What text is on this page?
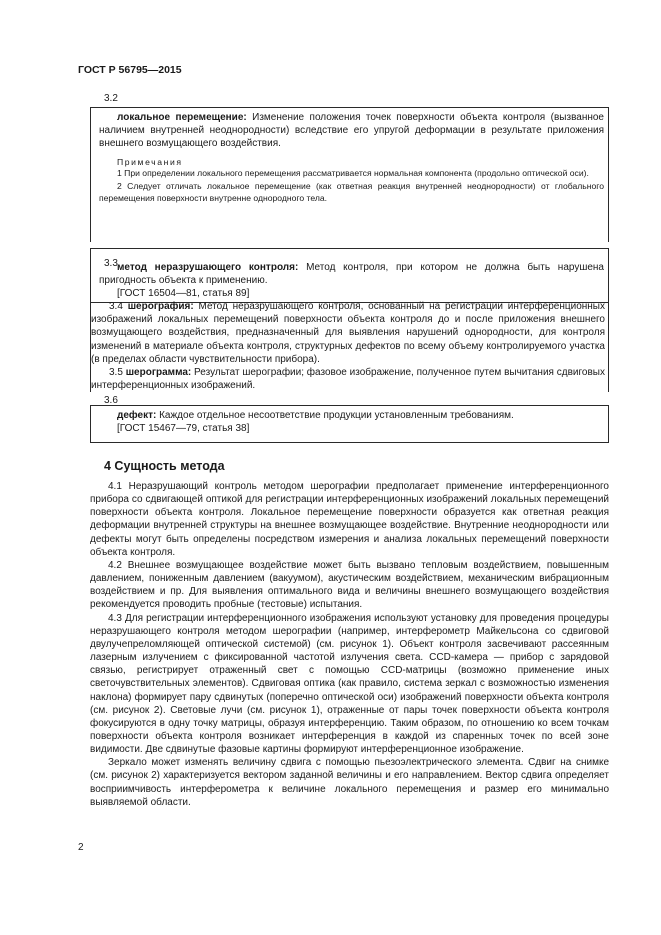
ГОСТ Р 56795—2015
3.2
локальное перемещение: Изменение положения точек поверхности объекта контроля (вызванное наличием внутренней неоднородности) вследствие его упругой деформации в результате приложения внешнего возмущающего воздействия.
Примечания
1 При определении локального перемещения рассматривается нормальная компонента (продольно оптической оси).
2 Следует отличать локальное перемещение (как ответная реакция внутренней неоднородности) от глобального перемещения поверхности внутренне однородного тела.
3.3 метод неразрушающего контроля: Метод контроля, при котором не должна быть нарушена пригодность объекта к применению.
[ГОСТ 16504—81, статья 89]
3.4 шерография: Метод неразрушающего контроля, основанный на регистрации интерференционных изображений локальных перемещений поверхности объекта контроля до и после приложения внешнего возмущающего воздействия, предназначенный для выявления нарушений однородности, для контроля изменений в материале объекта контроля, структурных дефектов по всему объему контролируемого участка (в пределах области чувствительности прибора).
3.5 шерограмма: Результат шерографии; фазовое изображение, полученное путем вычитания сдвиговых интерференционных изображений.
3.6
дефект: Каждое отдельное несоответствие продукции установленным требованиям.
[ГОСТ 15467—79, статья 38]
4 Сущность метода

4.1 Неразрушающий контроль методом шерографии предполагает применение интерференционного прибора со сдвигающей оптикой для регистрации интерференционных изображений локальных перемещений поверхности объекта контроля. Локальное перемещение поверхности образуется как ответная реакция деформации внутренней структуры на внешнее возмущающее воздействие. Внутренние неоднородности или дефекты могут быть определены посредством измерения и анализа локальных перемещений поверхности объекта контроля.

4.2 Внешнее возмущающее воздействие может быть вызвано тепловым воздействием, повышенным давлением, пониженным давлением (вакуумом), акустическим воздействием, механическим вибрационным воздействием и пр. Для выявления оптимального вида и величины внешнего возмущающего воздействия рекомендуется проводить пробные (тестовые) испытания.

4.3 Для регистрации интерференционного изображения используют установку для проведения процедуры неразрушающего контроля методом шерографии (например, интерферометр Майкельсона со сдвиговой двулучепреломляющей оптической системой) (см. рисунок 1). Объект контроля засвечивают рассеянным лазерным излучением с фиксированной частотой излучения света. CCD-камера — прибор с зарядовой связью, регистрирует отраженный свет с помощью CCD-матрицы (возможно применение иных светочувствительных элементов). Сдвиговая оптика (как правило, система зеркал с возможностью изменения наклона) формирует пару сдвинутых (поперечно оптической оси) изображений поверхности объекта контроля (см. рисунок 2). Световые лучи (см. рисунок 1), отраженные от пары точек поверхности объекта контроля фокусируются в одну точку матрицы, образуя интерференцию. Таким образом, по отношению ко всем точкам поверхности объекта контроля возникает интерференция в каждой из спаренных точек по всей зоне видимости. Две сдвинутые фазовые картины формируют интерференционное изображение.

Зеркало может изменять величину сдвига с помощью пьезоэлектрического элемента. Сдвиг на снимке (см. рисунок 2) характеризуется вектором заданной величины и его направлением. Вектор сдвига определяет восприимчивость интерферометра к величине локального перемещения и размер его минимально выявляемой области.

2
